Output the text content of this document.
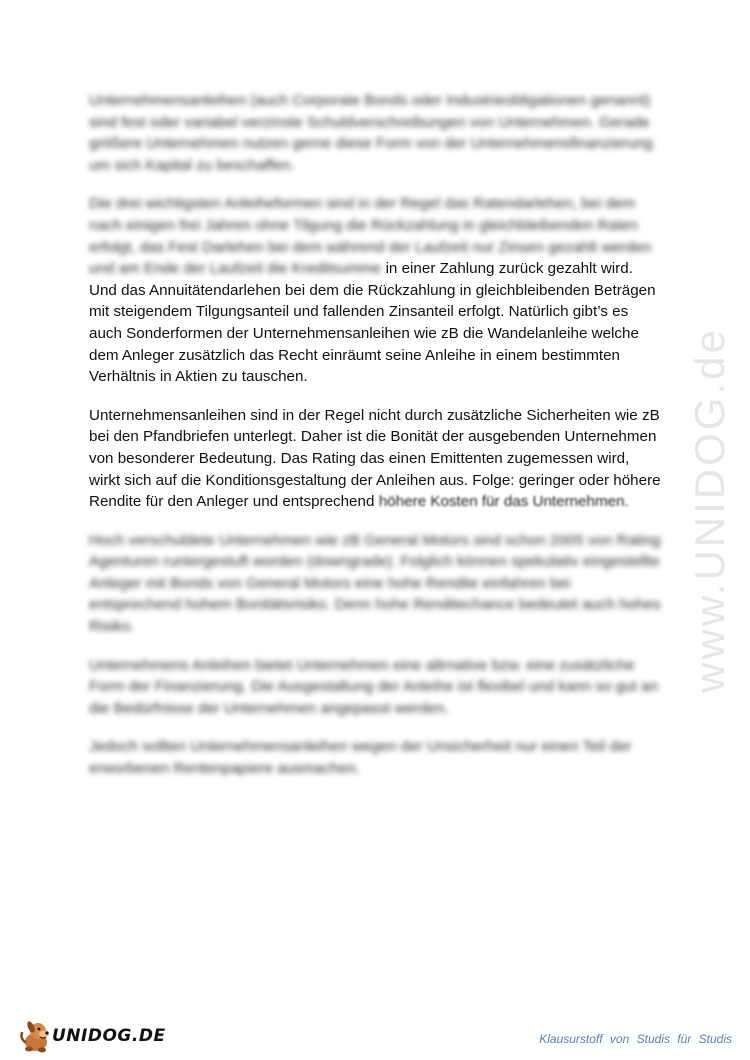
Unternehmensanleihen (auch Corporate Bonds oder Industrieobligationen genannt) sind fest oder variabel verzinste Schuldverschreibungen von Unternehmen. Gerade größere Unternehmen nutzen gerne diese Form von der Unternehmensfinanzierung um sich Kapital zu beschaffen.

Die drei wichtigsten Anleiheformen sind in der Regel das Ratendarlehen, bei dem nach einigen frei Jahren ohne Tilgung die Rückzahlung in gleichbleibenden Raten erfolgt, das Fest Darlehen bei dem während der Laufzeit nur Zinsen gezahlt werden und am Ende der Laufzeit die Kreditsumme in einer Zahlung zurück gezahlt wird. Und das Annuitätendarlehen bei dem die Rückzahlung in gleichbleibenden Beträgen mit steigendem Tilgungsanteil und fallenden Zinsanteil erfolgt. Natürlich gibt’s es auch Sonderformen der Unternehmensanleihen wie zB die Wandelanleihe welche dem Anleger zusätzlich das Recht einräumt seine Anleihe in einem bestimmten Verhältnis in Aktien zu tauschen.
Unternehmensanleihen sind in der Regel nicht durch zusätzliche Sicherheiten wie zB bei den Pfandbriefen unterlegt. Daher ist die Bonität der ausgebenden Unternehmen von besonderer Bedeutung. Das Rating das einen Emittenten zugemessen wird, wirkt sich auf die Konditionsgestaltung der Anleihen aus. Folge: geringer oder höhere Rendite für den Anleger und entsprechend höhere Kosten für das Unternehmen.

Hoch verschuldete Unternehmen wie zB General Motors sind schon 2005 von Rating Agenturen runtergestuft worden (downgrade). Folglich können spekulativ eingestellte Anleger mit Bonds von General Motors eine hohe Rendite einfahren bei entsprechend hohem Bonitätsrisiko. Denn hohe Renditechance bedeutet auch hohes Risiko.

Unternehmens Anleihen bietet Unternehmen eine altrnative bzw. eine zusätzliche Form der Finanzierung. Die Ausgestaltung der Anleihe ist flexibel und kann so gut an die Bedürfnisse der Unternehmen angepasst werden.

Jedoch sollten Unternehmensanleihen wegen der Unsicherheit nur einen Teil der erworbenen Rentenpapiere ausmachen.

www.UNIDOG.de
UNIDOG .DE	Klausurstoff von Studis für Studis
